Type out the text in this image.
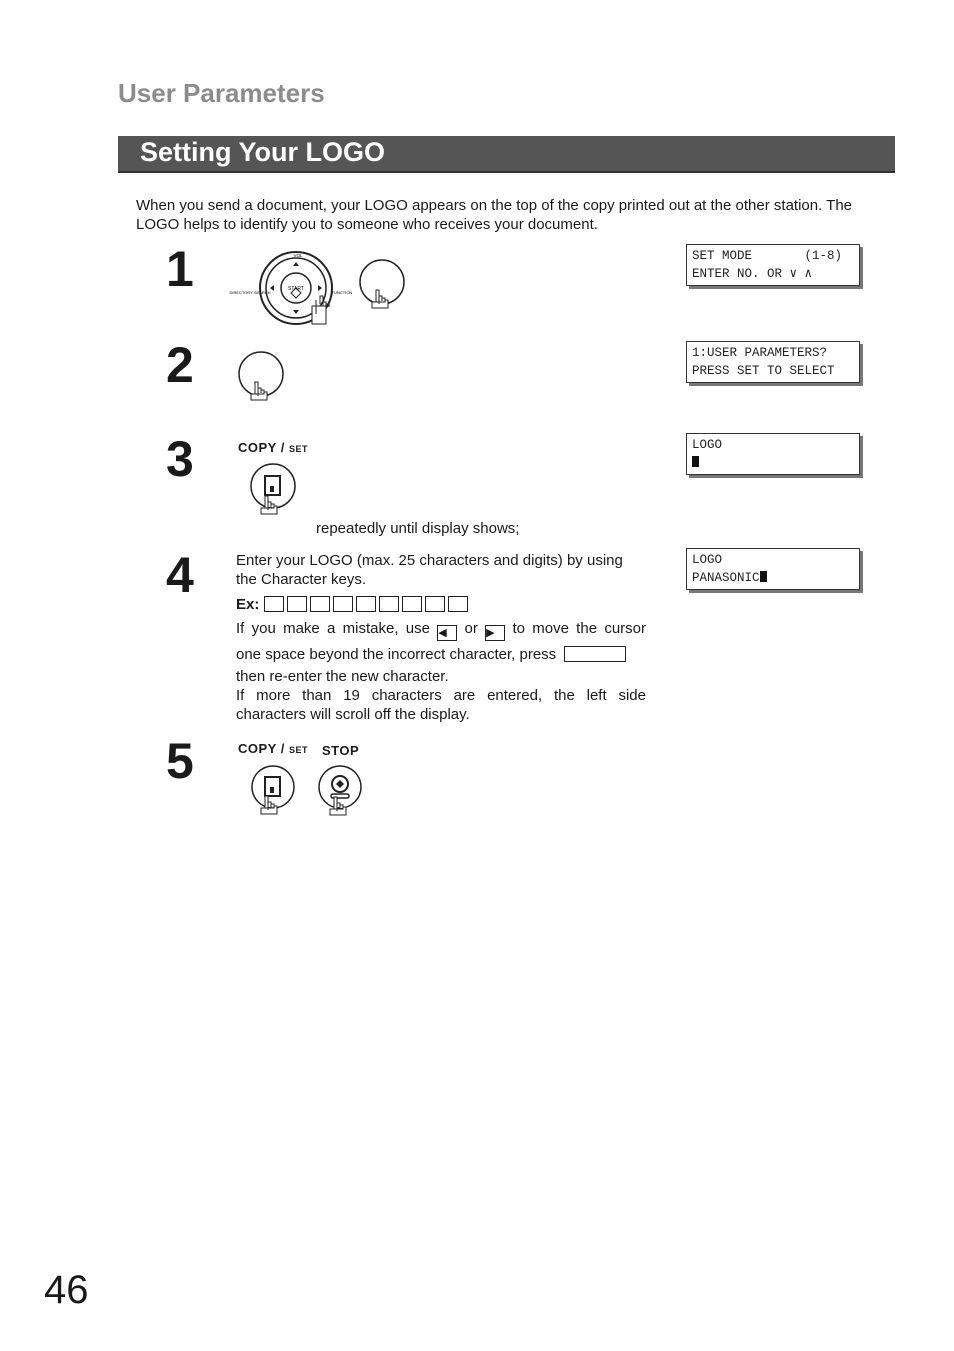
User Parameters
Setting Your LOGO
When you send a document, your LOGO appears on the top of the copy printed out at the other station. The LOGO helps to identify you to someone who receives your document.
1	START
VOL
DIRECTORY SEARCH	FUNCTION
SET MODE       (1-8)
ENTER NO. OR ∨ ∧
2	1:USER PARAMETERS?
PRESS SET TO SELECT
3	COPY / SET
repeatedly until display shows;
LOGO
4	Enter your LOGO (max. 25 characters and digits) by using the Character keys.
Ex:
If you make a mistake, use ◀ or ▶ to move the cursor
one space beyond the incorrect character, press
then re-enter the new character.
If more than 19 characters are entered, the left side characters will scroll off the display.
LOGO
PANASONIC
5	COPY / SET STOP
46
